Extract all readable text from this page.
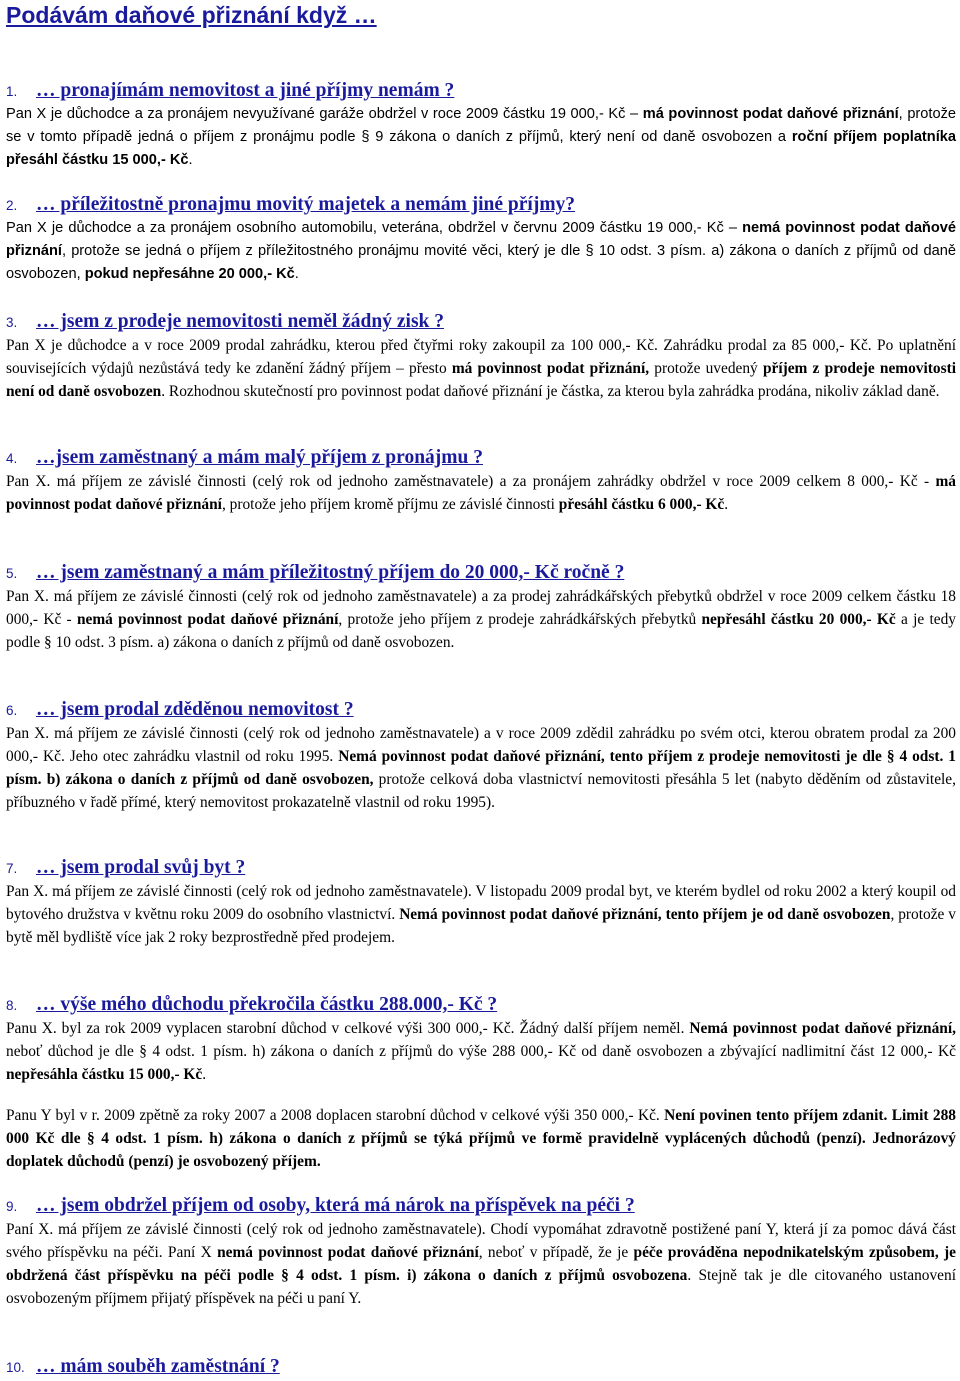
Podávám daňové přiznání když …
1. … pronajímám nemovitost a jiné příjmy nemám ?
Pan X je důchodce a za pronájem nevyužívané garáže obdržel v roce 2009 částku 19 000,- Kč – má povinnost podat daňové přiznání, protože se v tomto případě jedná o příjem z pronájmu podle § 9 zákona o daních z příjmů, který není od daně osvobozen a roční příjem poplatníka přesáhl částku 15 000,- Kč.
2. … příležitostně pronajmu movitý majetek a nemám jiné příjmy?
Pan X je důchodce a za pronájem osobního automobilu, veterána, obdržel v červnu 2009 částku 19 000,- Kč – nemá povinnost podat daňové přiznání, protože se jedná o příjem z příležitostného pronájmu movité věci, který je dle § 10 odst. 3 písm. a) zákona o daních z příjmů od daně osvobozen, pokud nepřesáhne 20 000,- Kč.
3. … jsem z prodeje nemovitosti neměl žádný zisk ?
Pan X je důchodce a v roce 2009 prodal zahrádku, kterou před čtyřmi roky zakoupil za 100 000,- Kč. Zahrádku prodal za 85 000,- Kč. Po uplatnění souvisejících výdajů nezůstává tedy ke zdanění žádný příjem – přesto má povinnost podat přiznání, protože uvedený příjem z prodeje nemovitosti není od daně osvobozen. Rozhodnou skutečností pro povinnost podat daňové přiznání je částka, za kterou byla zahrádka prodána, nikoliv základ daně.
4. …jsem zaměstnaný a mám malý příjem z pronájmu ?
Pan X. má příjem ze závislé činnosti (celý rok od jednoho zaměstnavatele) a za pronájem zahrádky obdržel v roce 2009 celkem 8 000,- Kč - má povinnost podat daňové přiznání, protože jeho příjem kromě příjmu ze závislé činnosti přesáhl částku 6 000,- Kč.
5. … jsem zaměstnaný a mám příležitostný příjem do 20 000,- Kč ročně ?
Pan X. má příjem ze závislé činnosti (celý rok od jednoho zaměstnavatele) a za prodej zahrádkářských přebytků obdržel v roce 2009 celkem částku 18 000,- Kč - nemá povinnost podat daňové přiznání, protože jeho příjem z prodeje zahrádkářských přebytků nepřesáhl částku 20 000,- Kč a je tedy podle § 10 odst. 3 písm. a) zákona o daních z příjmů od daně osvobozen.
6. … jsem prodal zděděnou nemovitost ?
Pan X. má příjem ze závislé činnosti (celý rok od jednoho zaměstnavatele) a v roce 2009 zdědil zahrádku po svém otci, kterou obratem prodal za 200 000,- Kč. Jeho otec zahrádku vlastnil od roku 1995. Nemá povinnost podat daňové přiznání, tento příjem z prodeje nemovitosti je dle § 4 odst. 1 písm. b) zákona o daních z příjmů od daně osvobozen, protože celková doba vlastnictví nemovitosti přesáhla 5 let (nabyto děděním od zůstavitele, příbuzného v řadě přímé, který nemovitost prokazatelně vlastnil od roku 1995).
7. … jsem prodal svůj byt ?
Pan X. má příjem ze závislé činnosti (celý rok od jednoho zaměstnavatele). V listopadu 2009 prodal byt, ve kterém bydlel od roku 2002 a který koupil od bytového družstva v květnu roku 2009 do osobního vlastnictví. Nemá povinnost podat daňové přiznání, tento příjem je od daně osvobozen, protože v bytě měl bydliště více jak 2 roky bezprostředně před prodejem.
8. … výše mého důchodu překročila částku 288.000,- Kč ?
Panu X. byl za rok 2009 vyplacen starobní důchod v celkové výši 300 000,- Kč. Žádný další příjem neměl. Nemá povinnost podat daňové přiznání, neboť důchod je dle § 4 odst. 1 písm. h) zákona o daních z příjmů do výše 288 000,- Kč od daně osvobozen a zbývající nadlimitní část 12 000,- Kč nepřesáhla částku 15 000,- Kč.
Panu Y byl v r. 2009 zpětně za roky 2007 a 2008 doplacen starobní důchod v celkové výši 350 000,- Kč. Není povinen tento příjem zdanit. Limit 288 000 Kč dle § 4 odst. 1 písm. h) zákona o daních z příjmů se týká příjmů ve formě pravidelně vyplácených důchodů (penzí). Jednorázový doplatek důchodů (penzí) je osvobozený příjem.
9. … jsem obdržel příjem od osoby, která má nárok na příspěvek na péči ?
Paní X. má příjem ze závislé činnosti (celý rok od jednoho zaměstnavatele). Chodí vypomáhat zdravotně postižené paní Y, která jí za pomoc dává část svého příspěvku na péči. Paní X nemá povinnost podat daňové přiznání, neboť v případě, že je péče prováděna nepodnikatelským způsobem, je obdržená část příspěvku na péči podle § 4 odst. 1 písm. i) zákona o daních z příjmů osvobozena. Stejně tak je dle citovaného ustanovení osvobozeným příjmem přijatý příspěvek na péči u paní Y.
10. … mám souběh zaměstnání ?
